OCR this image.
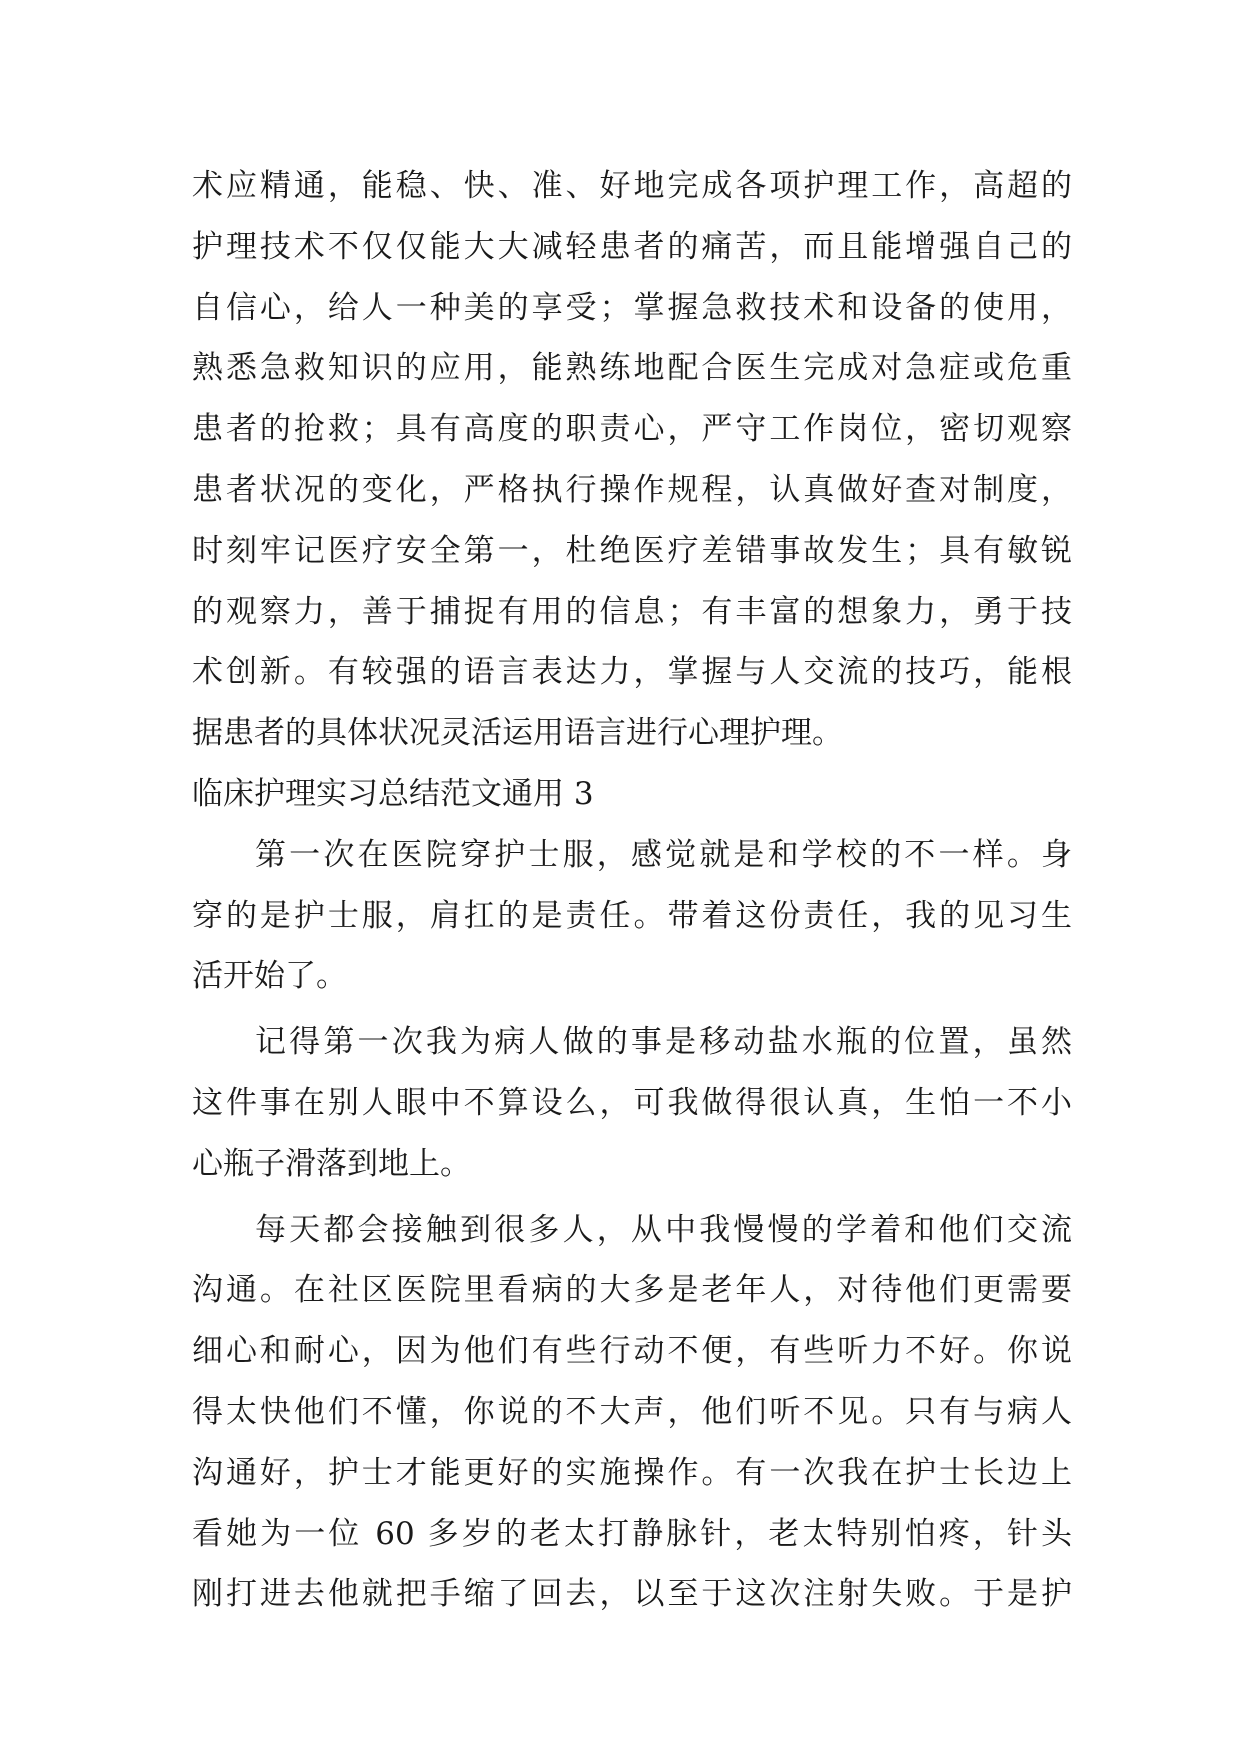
术应精通，能稳、快、准、好地完成各项护理工作，高超的
护理技术不仅仅能大大减轻患者的痛苦，而且能增强自己的
自信心，给人一种美的享受；掌握急救技术和设备的使用，
熟悉急救知识的应用，能熟练地配合医生完成对急症或危重
患者的抢救；具有高度的职责心，严守工作岗位，密切观察
患者状况的变化，严格执行操作规程，认真做好查对制度，
时刻牢记医疗安全第一，杜绝医疗差错事故发生；具有敏锐
的观察力，善于捕捉有用的信息；有丰富的想象力，勇于技
术创新。有较强的语言表达力，掌握与人交流的技巧，能根
据患者的具体状况灵活运用语言进行心理护理。
临床护理实习总结范文通用 3
第一次在医院穿护士服，感觉就是和学校的不一样。身
穿的是护士服，肩扛的是责任。带着这份责任，我的见习生
活开始了。
记得第一次我为病人做的事是移动盐水瓶的位置，虽然
这件事在别人眼中不算设么，可我做得很认真，生怕一不小
心瓶子滑落到地上。
每天都会接触到很多人，从中我慢慢的学着和他们交流
沟通。在社区医院里看病的大多是老年人，对待他们更需要
细心和耐心，因为他们有些行动不便，有些听力不好。你说
得太快他们不懂，你说的不大声，他们听不见。只有与病人
沟通好，护士才能更好的实施操作。有一次我在护士长边上
看她为一位 60 多岁的老太打静脉针，老太特别怕疼，针头
刚打进去他就把手缩了回去，以至于这次注射失败。于是护
